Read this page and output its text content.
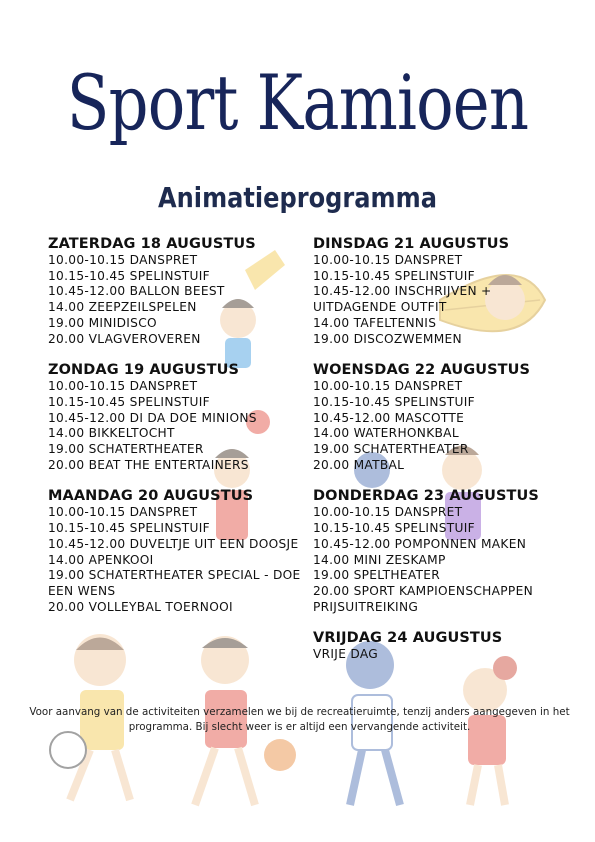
Sport Kamioen
Animatieprogramma
ZATERDAG 18 AUGUSTUS
10.00-10.15 DANSPRET
10.15-10.45 SPELINSTUIF
10.45-12.00 BALLON BEEST
14.00 ZEEPZEILSPELEN
19.00 MINIDISCO
20.00 VLAGVEROVEREN
ZONDAG 19 AUGUSTUS
10.00-10.15 DANSPRET
10.15-10.45 SPELINSTUIF
10.45-12.00 DI DA DOE MINIONS
14.00 BIKKELTOCHT
19.00 SCHATERTHEATER
20.00 BEAT THE ENTERTAINERS
MAANDAG 20 AUGUSTUS
10.00-10.15 DANSPRET
10.15-10.45 SPELINSTUIF
10.45-12.00 DUVELTJE UIT EEN DOOSJE
14.00 APENKOOI
19.00 SCHATERTHEATER SPECIAL - DOE EEN WENS
20.00 VOLLEYBAL TOERNOOI
DINSDAG 21 AUGUSTUS
10.00-10.15 DANSPRET
10.15-10.45 SPELINSTUIF
10.45-12.00 INSCHRIJVEN + UITDAGENDE OUTFIT
14.00 TAFELTENNIS
19.00 DISCOZWEMMEN
WOENSDAG 22 AUGUSTUS
10.00-10.15 DANSPRET
10.15-10.45 SPELINSTUIF
10.45-12.00 MASCOTTE
14.00 WATERHONKBAL
19.00 SCHATERTHEATER
20.00 MATBAL
DONDERDAG 23 AUGUSTUS
10.00-10.15 DANSPRET
10.15-10.45 SPELINSTUIF
10.45-12.00 POMPONNEN MAKEN
14.00 MINI ZESKAMP
19.00 SPELTHEATER
20.00 SPORT KAMPIOENSCHAPPEN PRIJSUITREIKING
VRIJDAG 24 AUGUSTUS
VRIJE DAG
Voor aanvang van de activiteiten verzamelen we bij de recreatieruimte, tenzij anders aangegeven in het programma. Bij slecht weer is er altijd een vervangende activiteit.
